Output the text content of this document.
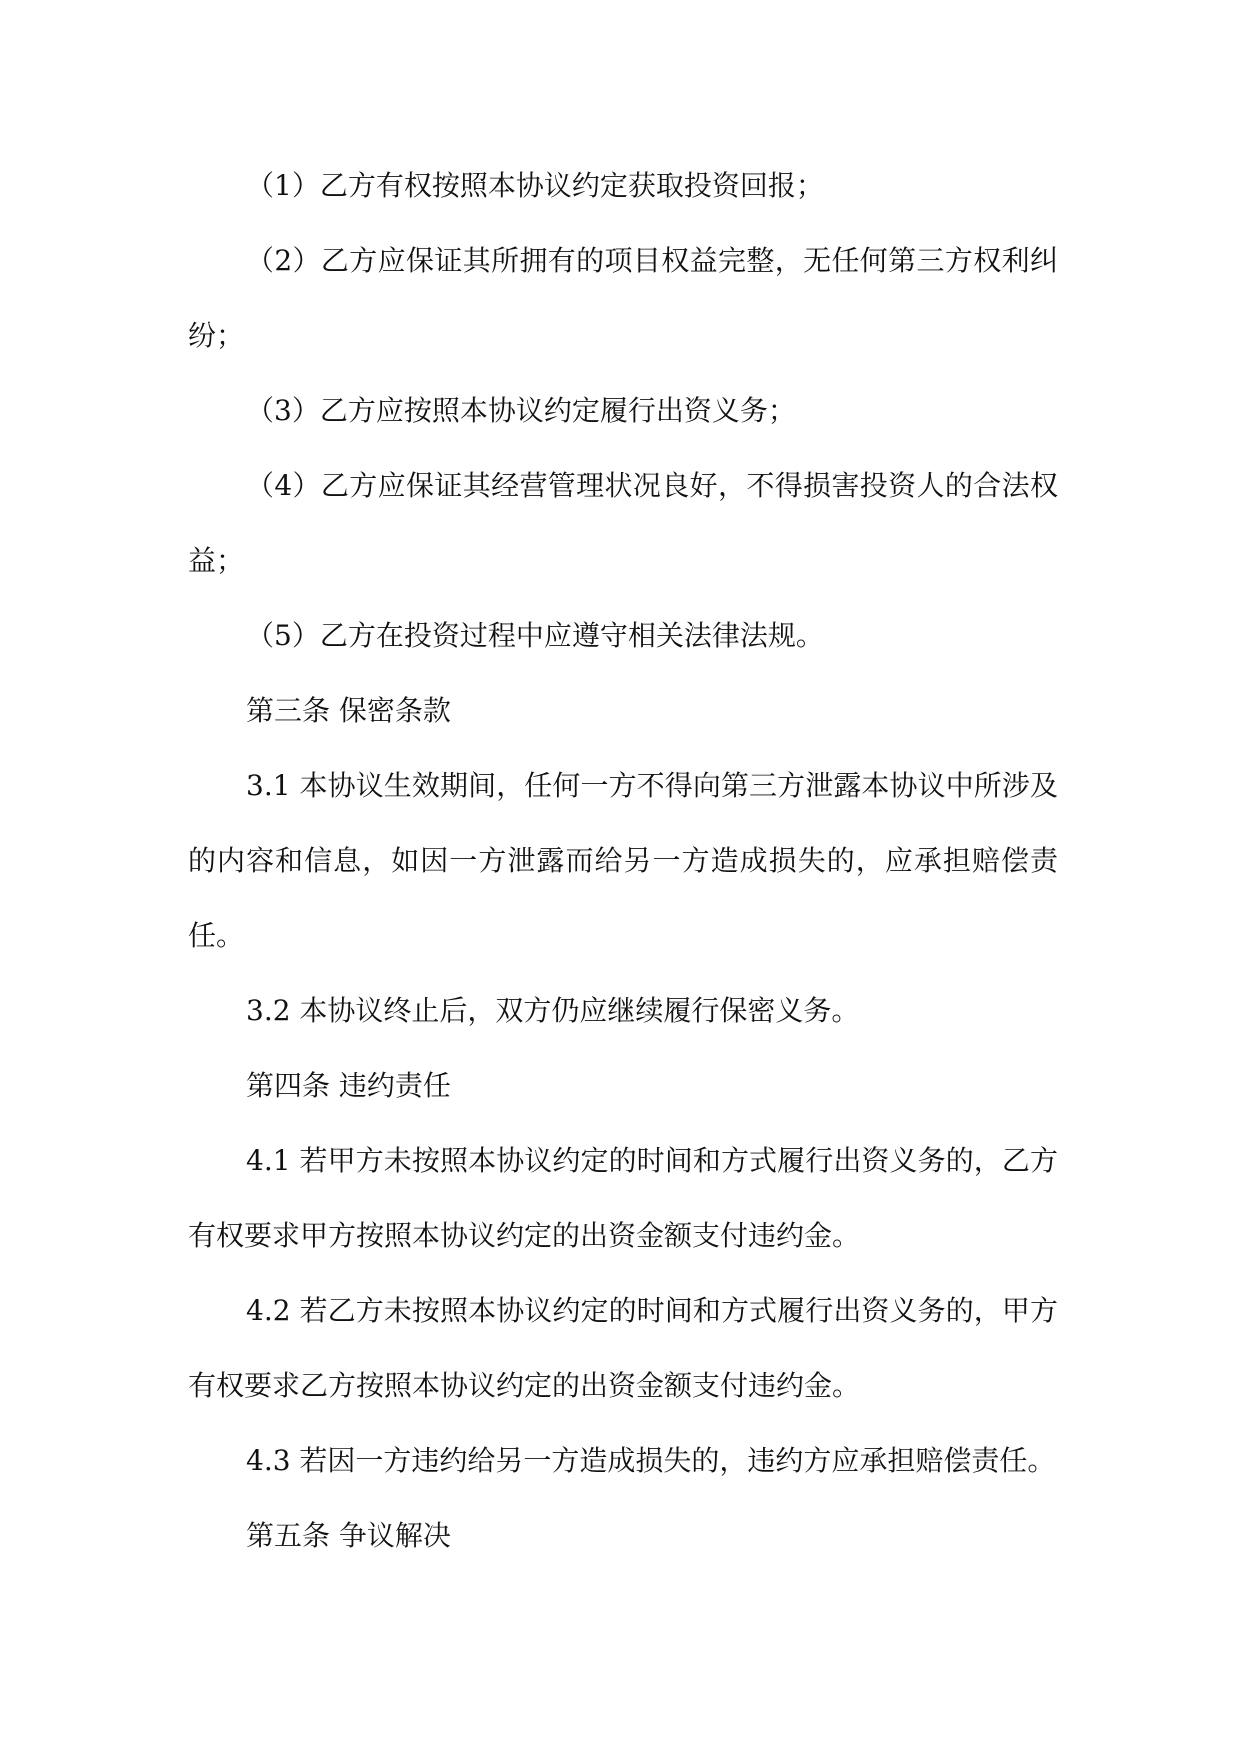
（1）乙方有权按照本协议约定获取投资回报；

（2）乙方应保证其所拥有的项目权益完整，无任何第三方权利纠纷；

（3）乙方应按照本协议约定履行出资义务；

（4）乙方应保证其经营管理状况良好，不得损害投资人的合法权益；

（5）乙方在投资过程中应遵守相关法律法规。

第三条 保密条款

3.1 本协议生效期间，任何一方不得向第三方泄露本协议中所涉及的内容和信息，如因一方泄露而给另一方造成损失的，应承担赔偿责任。

3.2 本协议终止后，双方仍应继续履行保密义务。

第四条 违约责任

4.1 若甲方未按照本协议约定的时间和方式履行出资义务的，乙方有权要求甲方按照本协议约定的出资金额支付违约金。

4.2 若乙方未按照本协议约定的时间和方式履行出资义务的，甲方有权要求乙方按照本协议约定的出资金额支付违约金。

4.3 若因一方违约给另一方造成损失的，违约方应承担赔偿责任。

第五条 争议解决
